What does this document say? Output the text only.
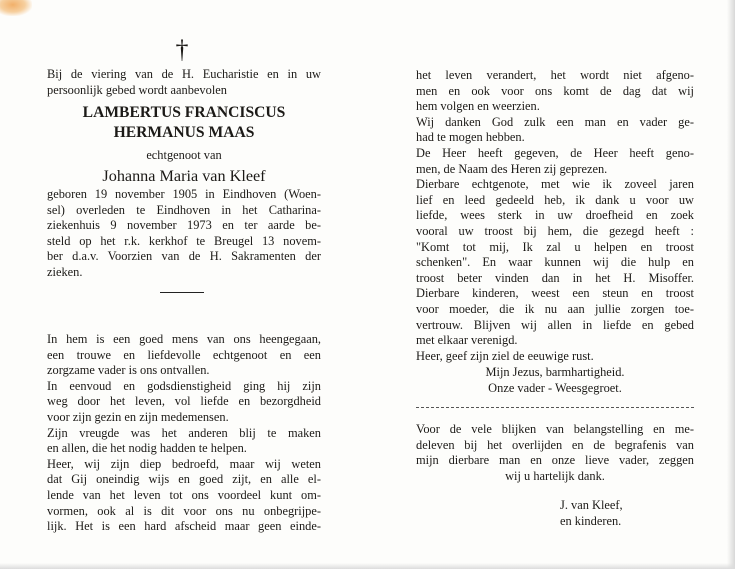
†

Bij de viering van de H. Eucharistie en in uw

persoonlijk gebed wordt aanbevolen

LAMBERTUS FRANCISCUS

HERMANUS MAAS

echtgenoot van
Johanna Maria van Kleef

geboren 19 november 1905 in Eindhoven (Woen-

sel) overleden te Eindhoven in het Catharina-

ziekenhuis 9 november 1973 en ter aarde be-

steld op het r.k. kerkhof te Breugel 13 novem-

ber d.a.v. Voorzien van de H. Sakramenten der

zieken.

In hem is een goed mens van ons heengegaan,

een trouwe en liefdevolle echtgenoot en een

zorgzame vader is ons ontvallen.

In eenvoud en godsdienstigheid ging hij zijn

weg door het leven, vol liefde en bezorgdheid

voor zijn gezin en zijn medemensen.

Zijn vreugde was het anderen blij te maken

en allen, die het nodig hadden te helpen.

Heer, wij zijn diep bedroefd, maar wij weten

dat Gij oneindig wijs en goed zijt, en alle el-

lende van het leven tot ons voordeel kunt om-

vormen, ook al is dit voor ons nu onbegrijpe-

lijk. Het is een hard afscheid maar geen einde-

het leven verandert, het wordt niet afgeno-

men en ook voor ons komt de dag dat wij

hem volgen en weerzien.

Wij danken God zulk een man en vader ge-

had te mogen hebben.

De Heer heeft gegeven, de Heer heeft geno-

men, de Naam des Heren zij geprezen.

Dierbare echtgenote, met wie ik zoveel jaren

lief en leed gedeeld heb, ik dank u voor uw

liefde, wees sterk in uw droefheid en zoek

vooral uw troost bij hem, die gezegd heeft :

"Komt tot mij, Ik zal u helpen en troost

schenken". En waar kunnen wij die hulp en

troost beter vinden dan in het H. Misoffer.

Dierbare kinderen, weest een steun en troost

voor moeder, die ik nu aan jullie zorgen toe-

vertrouw. Blijven wij allen in liefde en gebed

met elkaar verenigd.

Heer, geef zijn ziel de eeuwige rust.

Mijn Jezus, barmhartigheid.

Onze vader - Weesgegroet.

Voor de vele blijken van belangstelling en me-

deleven bij het overlijden en de begrafenis van

mijn dierbare man en onze lieve vader, zeggen

wij u hartelijk dank.

J. van Kleef,

en kinderen.
